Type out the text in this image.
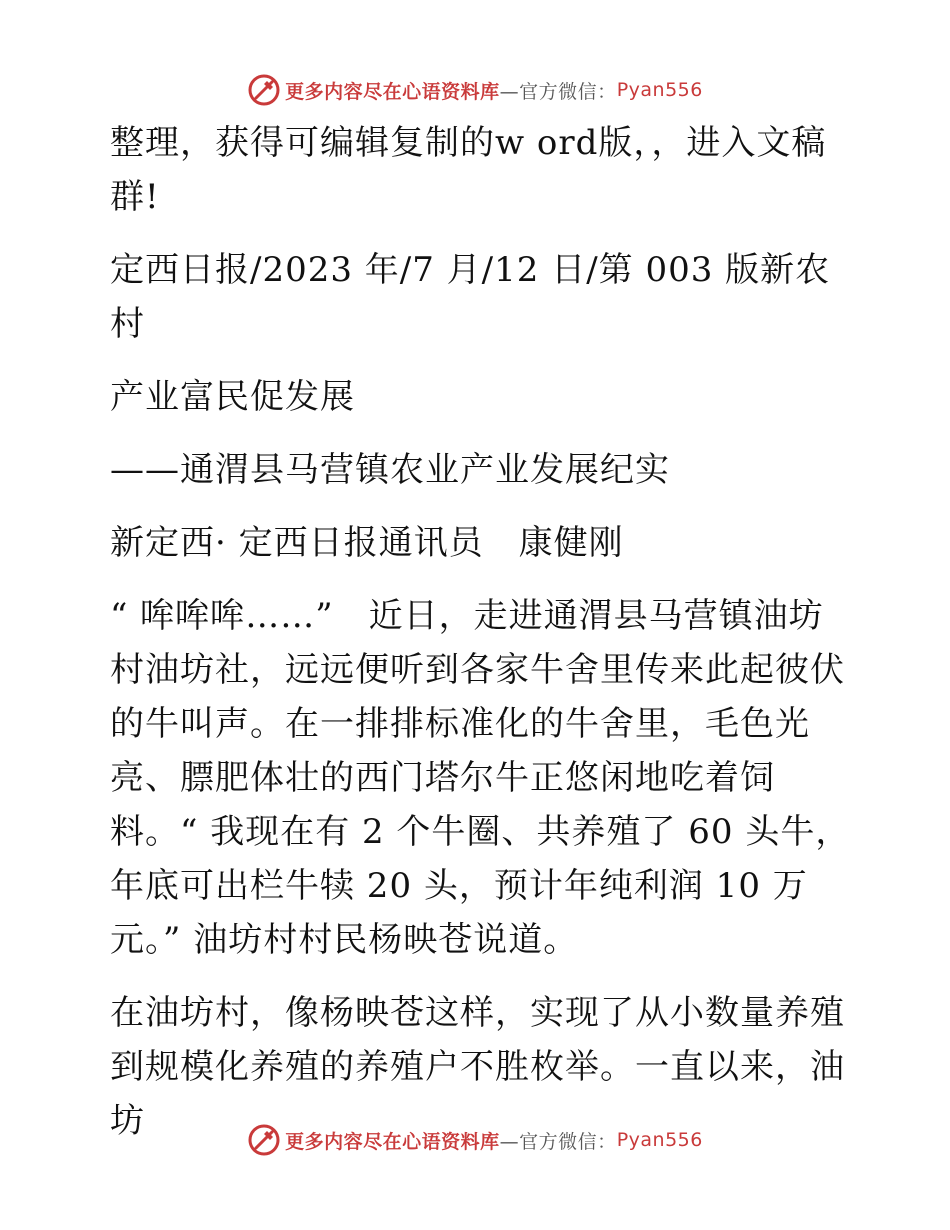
更多内容尽在心语资料库 —官方微信： Pyan556

整理，获得可编辑复制的w ord版，，进入文稿群!

定西日报/2023 年/7 月/12 日/第 003 版新农村

产业富民促发展

——通渭县马营镇农业产业发展纪实

新定西· 定西日报通讯员　康健刚

“ 哞哞哞……”　近日，走进通渭县马营镇油坊村油坊社，远远便听到各家牛舍里传来此起彼伏的牛叫声。在一排排标准化的牛舍里，毛色光亮、膘肥体壮的西门塔尔牛正悠闲地吃着饲料。“ 我现在有 2 个牛圈、共养殖了 60 头牛，年底可出栏牛犊 20 头，预计年纯利润 10 万元。” 油坊村村民杨映苍说道。

在油坊村，像杨映苍这样，实现了从小数量养殖到规模化养殖的养殖户不胜枚举。一直以来，油坊

更多内容尽在心语资料库 —官方微信： Pyan556
